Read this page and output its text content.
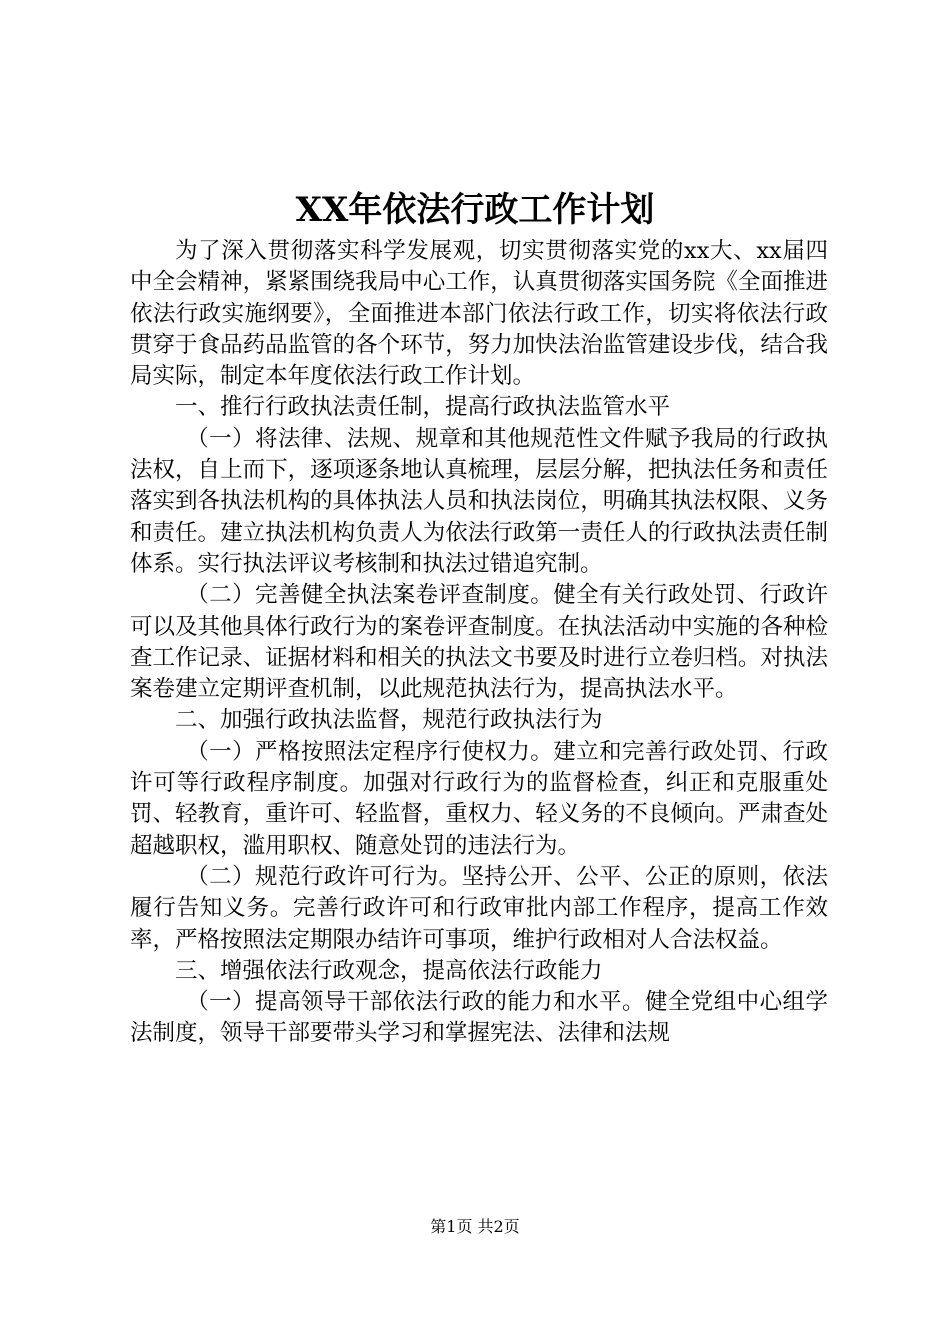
XX年依法行政工作计划

为了深入贯彻落实科学发展观，切实贯彻落实党的xx大、xx届四中全会精神，紧紧围绕我局中心工作，认真贯彻落实国务院《全面推进依法行政实施纲要》，全面推进本部门依法行政工作，切实将依法行政贯穿于食品药品监管的各个环节，努力加快法治监管建设步伐，结合我局实际，制定本年度依法行政工作计划。

一、推行行政执法责任制，提高行政执法监管水平

（一）将法律、法规、规章和其他规范性文件赋予我局的行政执法权，自上而下，逐项逐条地认真梳理，层层分解，把执法任务和责任落实到各执法机构的具体执法人员和执法岗位，明确其执法权限、义务和责任。建立执法机构负责人为依法行政第一责任人的行政执法责任制体系。实行执法评议考核制和执法过错追究制。

（二）完善健全执法案卷评查制度。健全有关行政处罚、行政许可以及其他具体行政行为的案卷评查制度。在执法活动中实施的各种检查工作记录、证据材料和相关的执法文书要及时进行立卷归档。对执法案卷建立定期评查机制，以此规范执法行为，提高执法水平。

二、加强行政执法监督，规范行政执法行为

（一）严格按照法定程序行使权力。建立和完善行政处罚、行政许可等行政程序制度。加强对行政行为的监督检查，纠正和克服重处罚、轻教育，重许可、轻监督，重权力、轻义务的不良倾向。严肃查处超越职权，滥用职权、随意处罚的违法行为。

（二）规范行政许可行为。坚持公开、公平、公正的原则，依法履行告知义务。完善行政许可和行政审批内部工作程序，提高工作效率，严格按照法定期限办结许可事项，维护行政相对人合法权益。

三、增强依法行政观念，提高依法行政能力

（一）提高领导干部依法行政的能力和水平。健全党组中心组学法制度，领导干部要带头学习和掌握宪法、法律和法规

第1页 共2页
